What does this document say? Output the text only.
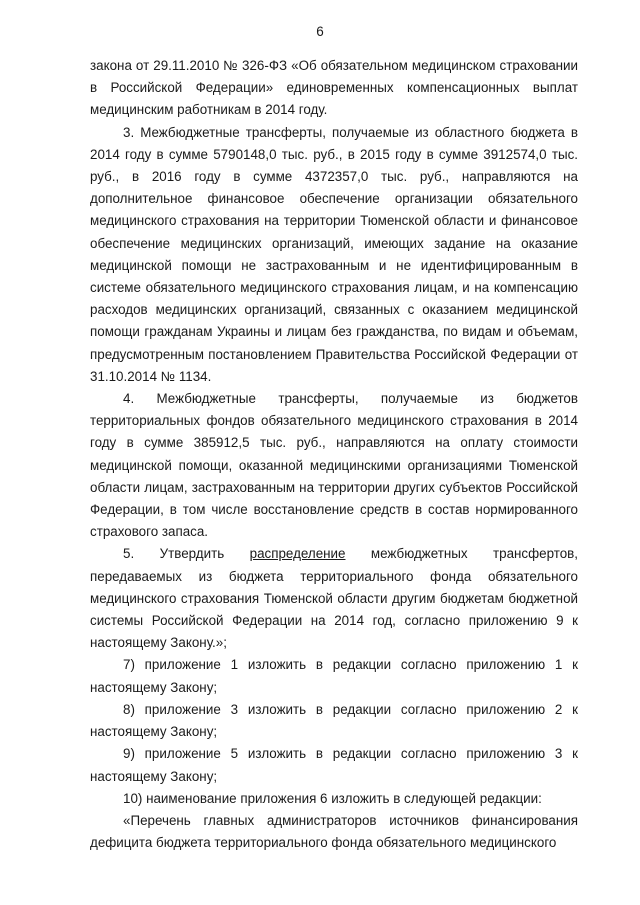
6

закона от 29.11.2010 № 326-ФЗ «Об обязательном медицинском страховании в Российской Федерации» единовременных компенсационных выплат медицинским работникам в 2014 году.

3. Межбюджетные трансферты, получаемые из областного бюджета в 2014 году в сумме 5790148,0 тыс. руб., в 2015 году в сумме 3912574,0 тыс. руб., в 2016 году в сумме 4372357,0 тыс. руб., направляются на дополнительное финансовое обеспечение организации обязательного медицинского страхования на территории Тюменской области и финансовое обеспечение медицинских организаций, имеющих задание на оказание медицинской помощи не застрахованным и не идентифицированным в системе обязательного медицинского страхования лицам, и на компенсацию расходов медицинских организаций, связанных с оказанием медицинской помощи гражданам Украины и лицам без гражданства, по видам и объемам, предусмотренным постановлением Правительства Российской Федерации от 31.10.2014 № 1134.

4. Межбюджетные трансферты, получаемые из бюджетов территориальных фондов обязательного медицинского страхования в 2014 году в сумме 385912,5 тыс. руб., направляются на оплату стоимости медицинской помощи, оказанной медицинскими организациями Тюменской области лицам, застрахованным на территории других субъектов Российской Федерации, в том числе восстановление средств в состав нормированного страхового запаса.

5. Утвердить распределение межбюджетных трансфертов, передаваемых из бюджета территориального фонда обязательного медицинского страхования Тюменской области другим бюджетам бюджетной системы Российской Федерации на 2014 год, согласно приложению 9 к настоящему Закону.»;

7) приложение 1 изложить в редакции согласно приложению 1 к настоящему Закону;

8) приложение 3 изложить в редакции согласно приложению 2 к настоящему Закону;

9) приложение 5 изложить в редакции согласно приложению 3 к настоящему Закону;

10) наименование приложения 6 изложить в следующей редакции:

«Перечень главных администраторов источников финансирования дефицита бюджета территориального фонда обязательного медицинского
